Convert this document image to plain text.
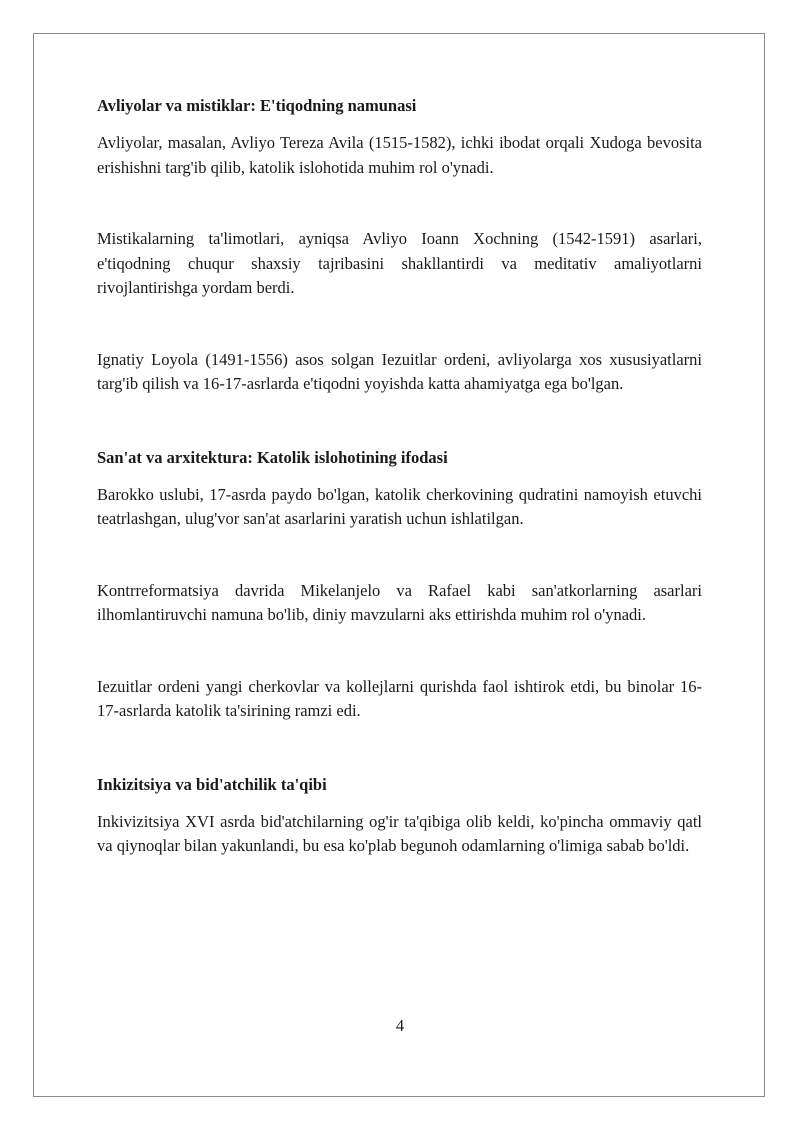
Avliyolar va mistiklar: E'tiqodning namunasi

Avliyolar, masalan, Avliyo Tereza Avila (1515-1582), ichki ibodat orqali Xudoga bevosita erishishni targ'ib qilib, katolik islohotida muhim rol o'ynadi.

Mistikalarning ta'limotlari, ayniqsa Avliyo Ioann Xochning (1542-1591) asarlari, e'tiqodning chuqur shaxsiy tajribasini shakllantirdi va meditativ amaliyotlarni rivojlantirishga yordam berdi.

Ignatiy Loyola (1491-1556) asos solgan Iezuitlar ordeni, avliyolarga xos xususiyatlarni targ'ib qilish va 16-17-asrlarda e'tiqodni yoyishda katta ahamiyatga ega bo'lgan.

San'at va arxitektura: Katolik islohotining ifodasi

Barokko uslubi, 17-asrda paydo bo'lgan, katolik cherkovining qudratini namoyish etuvchi teatrlashgan, ulug'vor san'at asarlarini yaratish uchun ishlatilgan.

Kontrreformatsiya davrida Mikelanjelo va Rafael kabi san'atkorlarning asarlari ilhomlantiruvchi namuna bo'lib, diniy mavzularni aks ettirishda muhim rol o'ynadi.

Iezuitlar ordeni yangi cherkovlar va kollejlarni qurishda faol ishtirok etdi, bu binolar 16-17-asrlarda katolik ta'sirining ramzi edi.

Inkizitsiya va bid'atchilik ta'qibi

Inkivizitsiya XVI asrda bid'atchilarning og'ir ta'qibiga olib keldi, ko'pincha ommaviy qatl va qiynoqlar bilan yakunlandi, bu esa ko'plab begunoh odamlarning o'limiga sabab bo'ldi.

4
